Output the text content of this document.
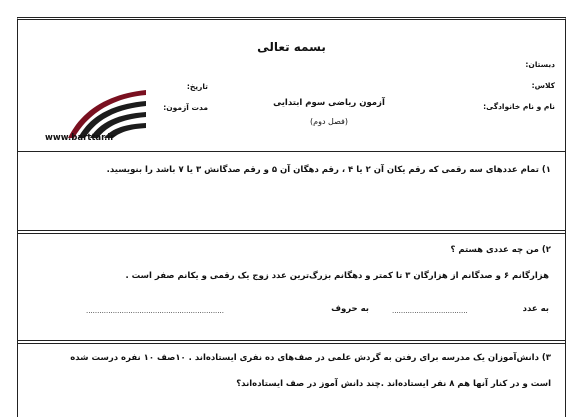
بسمه تعالی
دبستان:
کلاس:
نام و نام خانوادگی:
آزمون ریاضی سوم ابتدایی
(فصل دوم)
تاریخ:
مدت آزمون:
www.barttar.ir
۱) تمام عددهای سه رقمی که رقم یکان آن ۲ یا ۴ ، رقم دهگان آن ۵ و رقم صدگانش ۳ یا ۷ باشد را بنویسید.
۲) من چه عددی هستم ؟
هزارگانم ۶ و صدگانم از هزارگان ۳ تا کمتر و دهگانم بزرگ‌ترین عدد زوج یک رقمی و یکانم صفر است .
به عدد
..................................
به حروف
..............................................................
۳) دانش‌آموزان یک مدرسه برای رفتن به گردش علمی در صف‌های ده نفری ایستاده‌اند . ۱۰صف ۱۰ نفره درست شده
است و در کنار آنها هم ۸ نفر ایستاده‌اند .چند دانش آموز در صف ایستاده‌اند؟
